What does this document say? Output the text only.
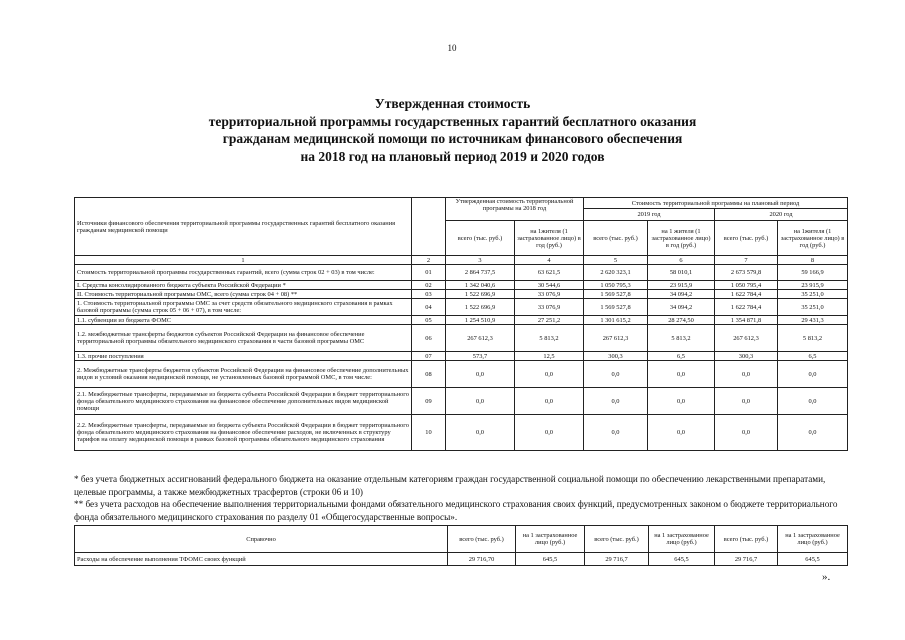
10
Утвержденная стоимость
территориальной программы государственных гарантий бесплатного оказания
гражданам медицинской помощи по источникам финансового обеспечения
на 2018 год на плановый период 2019 и 2020 годов
Источники финансового обеспечения территориальной программы государственных гарантий бесплатного оказания гражданам медицинской помощи		Утвержденная стоимость территориальной программы на 2018 год		Стоимость территориальной программы на плановый период			
				2019 год		2020 год	
		всего (тыс. руб.)	на 1жителя (1 застрахованное лицо) в год (руб.)	всего (тыс. руб.)	на 1 жителя (1 застрахованное лицо) в год (руб.)	всего (тыс. руб.)	на 1жителя (1 застрахованное лицо) в год (руб.)
1	2	3	4	5	6	7	8
Стоимость территориальной программы государственных гарантий, всего (сумма строк 02 + 03) в том числе:	01	2 864 737,5	63 621,5	2 620 323,1	58 010,1	2 673 579,8	59 166,9
I. Средства консолидированного бюджета субъекта Российской Федерации *	02	1 342 040,6	30 544,6	1 050 795,3	23 915,9	1 050 795,4	23 915,9
II. Стоимость территориальной программы ОМС, всего (сумма строк 04 + 08) **	03	1 522 696,9	33 076,9	1 569 527,8	34 094,2	1 622 784,4	35 251,0
1. Стоимость территориальной программы ОМС за счет средств обязательного медицинского страхования в рамках базовой программы (сумма строк 05 + 06 + 07), в том числе:	04	1 522 696,9	33 076,9	1 569 527,8	34 094,2	1 622 784,4	35 251,0
1.1. субвенции из бюджета ФОМС	05	1 254 510,9	27 251,2	1 301 615,2	28 274,50	1 354 871,8	29 431,3
1.2. межбюджетные трансферты бюджетов субъектов Российской Федерации на финансовое обеспечение территориальной программы обязательного медицинского страхования в части базовой программы ОМС	06	267 612,3	5 813,2	267 612,3	5 813,2	267 612,3	5 813,2
1.3. прочие поступления	07	573,7	12,5	300,3	6,5	300,3	6,5
2. Межбюджетные трансферты бюджетов субъектов Российской Федерации на финансовое обеспечение дополнительных видов и условий оказания медицинской помощи, не установленных базовой программой ОМС, в том числе:	08	0,0	0,0	0,0	0,0	0,0	0,0
2.1. Межбюджетные трансферты, передаваемые из бюджета субъекта Российской Федерации в бюджет территориального фонда обязательного медицинского страхования на финансовое обеспечение дополнительных видов медицинской помощи	09	0,0	0,0	0,0	0,0	0,0	0,0
2.2. Межбюджетные трансферты, передаваемые из бюджета субъекта Российской Федерации в бюджет территориального фонда обязательного медицинского страхования на финансовое обеспечение расходов, не включенных в структуру тарифов на оплату медицинской помощи в рамках базовой программы обязательного медицинского страхования	10	0,0	0,0	0,0	0,0	0,0	0,0
* без учета бюджетных ассигнований федерального бюджета на оказание отдельным категориям граждан государственной социальной помощи по обеспечению лекарственными препаратами, целевые программы, а также межбюджетных трасфертов (строки 06 и 10)
** без учета расходов на обеспечение выполнения территориальными фондами обязательного медицинского страхования своих функций, предусмотренных законом о бюджете территориального фонда обязательного медицинского страхования по разделу 01 «Общегосударственные вопросы».
Справочно	всего (тыс. руб.)	на 1 застрахованное лицо (руб.)	всего (тыс. руб.)	на 1 застрахованное лицо (руб.)	всего (тыс. руб.)	на 1 застрахованное лицо (руб.)
Расходы на обеспечение выполнения ТФОМС своих функций	29 716,70	645,5	29 716,7	645,5	29 716,7	645,5
».
